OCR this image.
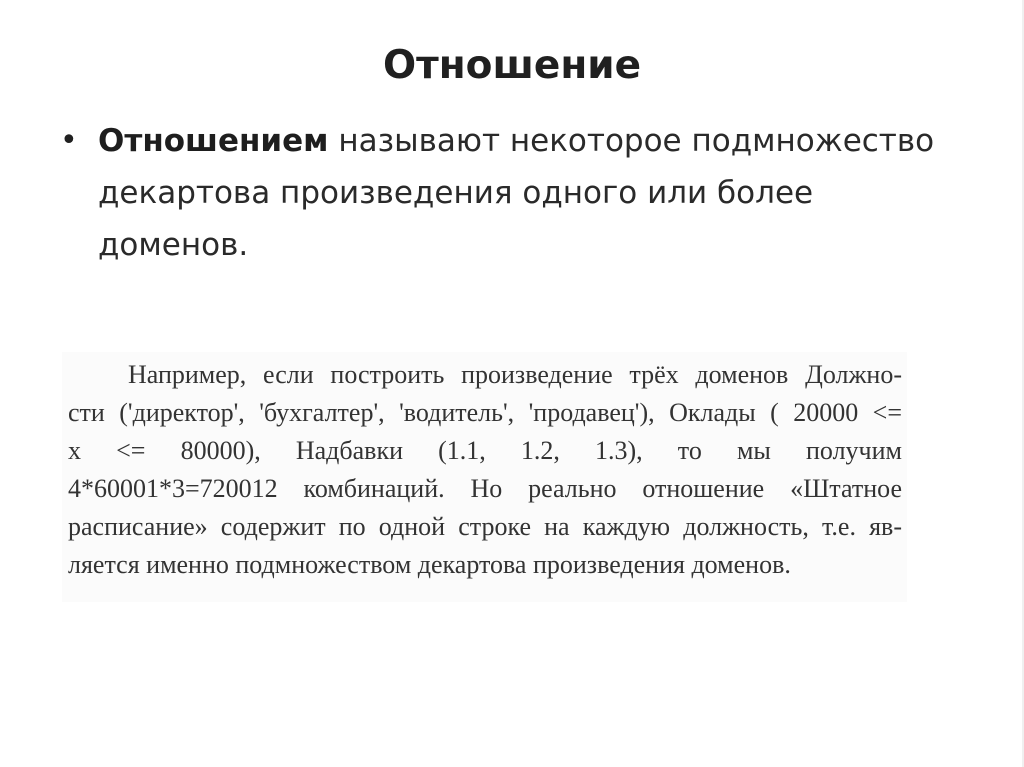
Отношение
• Отношением называют некоторое подмножество декартова произведения одного или более доменов.
Например, если построить произведение трёх доменов Должно-
сти ('директор', 'бухгалтер', 'водитель', 'продавец'), Оклады ( 20000 <=
х <= 80000), Надбавки (1.1, 1.2, 1.3), то мы получим
4*60001*3=720012 комбинаций. Но реально отношение «Штатное
расписание» содержит по одной строке на каждую должность, т.е. яв-
ляется именно подмножеством декартова произведения доменов.
